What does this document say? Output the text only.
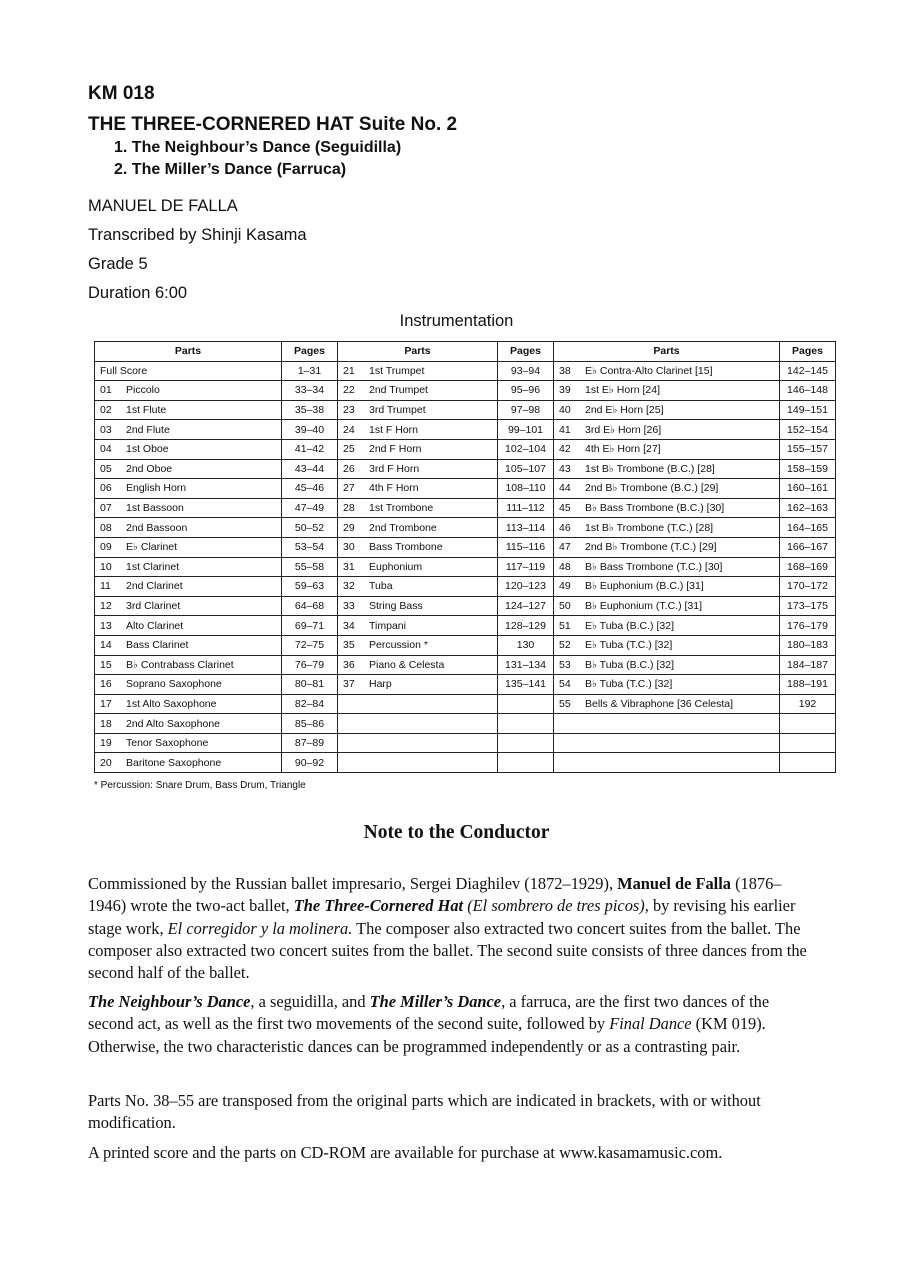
KM 018
THE THREE-CORNERED HAT Suite No. 2
1. The Neighbour’s Dance (Seguidilla)
2. The Miller’s Dance (Farruca)
MANUEL DE FALLA
Transcribed by Shinji Kasama
Grade 5
Duration 6:00
Instrumentation
Parts	Pages	Parts	Pages	Parts	Pages
Full Score	1–31	21 1st Trumpet	93–94	38 E♭ Contra-Alto Clarinet [15]	142–145
01 Piccolo	33–34	22 2nd Trumpet	95–96	39 1st E♭ Horn [24]	146–148
02 1st Flute	35–38	23 3rd Trumpet	97–98	40 2nd E♭ Horn [25]	149–151
03 2nd Flute	39–40	24 1st F Horn	99–101	41 3rd E♭ Horn [26]	152–154
04 1st Oboe	41–42	25 2nd F Horn	102–104	42 4th E♭ Horn [27]	155–157
05 2nd Oboe	43–44	26 3rd F Horn	105–107	43 1st B♭ Trombone (B.C.) [28]	158–159
06 English Horn	45–46	27 4th F Horn	108–110	44 2nd B♭ Trombone (B.C.) [29]	160–161
07 1st Bassoon	47–49	28 1st Trombone	111–112	45 B♭ Bass Trombone (B.C.) [30]	162–163
08 2nd Bassoon	50–52	29 2nd Trombone	113–114	46 1st B♭ Trombone (T.C.) [28]	164–165
09 E♭ Clarinet	53–54	30 Bass Trombone	115–116	47 2nd B♭ Trombone (T.C.) [29]	166–167
10 1st Clarinet	55–58	31 Euphonium	117–119	48 B♭ Bass Trombone (T.C.) [30]	168–169
11 2nd Clarinet	59–63	32 Tuba	120–123	49 B♭ Euphonium (B.C.) [31]	170–172
12 3rd Clarinet	64–68	33 String Bass	124–127	50 B♭ Euphonium (T.C.) [31]	173–175
13 Alto Clarinet	69–71	34 Timpani	128–129	51 E♭ Tuba (B.C.) [32]	176–179
14 Bass Clarinet	72–75	35 Percussion *	130	52 E♭ Tuba (T.C.) [32]	180–183
15 B♭ Contrabass Clarinet	76–79	36 Piano & Celesta	131–134	53 B♭ Tuba (B.C.) [32]	184–187
16 Soprano Saxophone	80–81	37 Harp	135–141	54 B♭ Tuba (T.C.) [32]	188–191
17 1st Alto Saxophone	82–84			55 Bells & Vibraphone [36 Celesta]	192
18 2nd Alto Saxophone	85–86				
19 Tenor Saxophone	87–89				
20 Baritone Saxophone	90–92				
* Percussion: Snare Drum, Bass Drum, Triangle
Note to the Conductor

Commissioned by the Russian ballet impresario, Sergei Diaghilev (1872–1929), Manuel de Falla (1876–1946) wrote the two-act ballet, The Three-Cornered Hat (El sombrero de tres picos), by revising his earlier stage work, El corregidor y la molinera. The composer also extracted two concert suites from the ballet. The composer also extracted two concert suites from the ballet. The second suite consists of three dances from the second half of the ballet.

The Neighbour’s Dance, a seguidilla, and The Miller’s Dance, a farruca, are the first two dances of the second act, as well as the first two movements of the second suite, followed by Final Dance (KM 019). Otherwise, the two characteristic dances can be programmed independently or as a contrasting pair.

Parts No. 38–55 are transposed from the original parts which are indicated in brackets, with or without modification.

A printed score and the parts on CD-ROM are available for purchase at www.kasamamusic.com.
